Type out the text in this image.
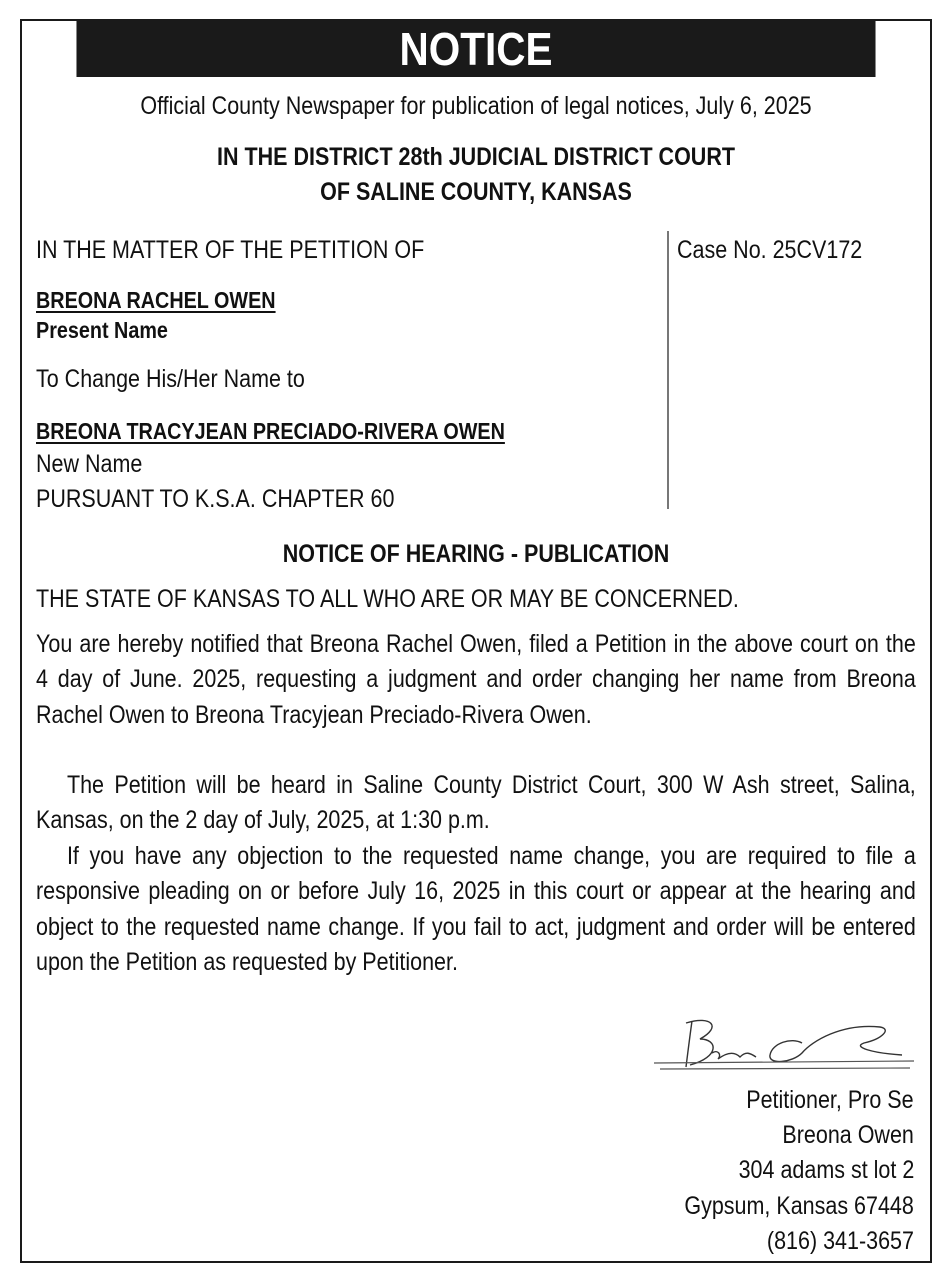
NOTICE
Official County Newspaper for publication of legal notices, July 6, 2025
IN THE DISTRICT 28th JUDICIAL DISTRICT COURT
OF SALINE COUNTY, KANSAS
IN THE MATTER OF THE PETITION OF
BREONA RACHEL OWEN
Present Name
To Change His/Her Name to
BREONA TRACYJEAN PRECIADO-RIVERA OWEN
New Name
PURSUANT TO K.S.A. CHAPTER 60
Case No. 25CV172
NOTICE OF HEARING - PUBLICATION
THE STATE OF KANSAS TO ALL WHO ARE OR MAY BE CONCERNED.
You are hereby notified that Breona Rachel Owen, filed a Petition in the above court on the 4 day of June. 2025, requesting a judgment and order changing her name from Breona Rachel Owen to Breona Tracyjean Preciado-Rivera Owen.
The Petition will be heard in Saline County District Court, 300 W Ash street, Salina, Kansas, on the 2 day of July, 2025, at 1:30 p.m.
If you have any objection to the requested name change, you are required to file a responsive pleading on or before July 16, 2025 in this court or appear at the hearing and object to the requested name change. If you fail to act, judgment and order will be entered upon the Petition as requested by Petitioner.
Petitioner, Pro Se
Breona Owen
304 adams st lot 2
Gypsum, Kansas 67448
(816) 341-3657
